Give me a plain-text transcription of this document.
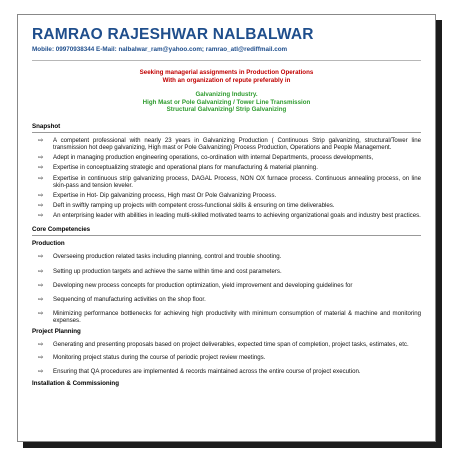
RAMRAO RAJESHWAR NALBALWAR
Mobile: 09970938344 E-Mail: nalbalwar_ram@yahoo.com; ramrao_atl@rediffmail.com
Seeking managerial assignments in Production Operations
With an organization of repute preferably in
Galvanizing Industry.
High Mast or Pole Galvanizing / Tower Line Transmission
Structural Galvanizing/ Strip Galvanizing
Snapshot
⇨ A competent professional with nearly 23 years in Galvanizing Production ( Continuous Strip galvanizing, structural/Tower line transmission hot deep galvanizing, High mast or Pole Galvanizing) Process Production, Operations and People Management.
⇨ Adept in managing production engineering operations, co-ordination with internal Departments, process developments,
⇨ Expertise in conceptualizing strategic and operational plans for manufacturing & material planning.
⇨ Expertise in continuous strip galvanizing process, DAGAL Process, NON OX furnace process. Continuous annealing process, on line skin-pass and tension leveler.
⇨ Expertise in Hot- Dip galvanizing process, High mast Or Pole Galvanizing Process.
⇨ Deft in swiftly ramping up projects with competent cross-functional skills & ensuring on time deliverables.
⇨ An enterprising leader with abilities in leading multi-skilled motivated teams to achieving organizational goals and industry best practices.
Core Competencies
Production
⇨ Overseeing production related tasks including planning, control and trouble shooting.
⇨ Setting up production targets and achieve the same within time and cost parameters.
⇨ Developing new process concepts for production optimization, yield improvement and developing guidelines for
⇨ Sequencing of manufacturing activities on the shop floor.
⇨ Minimizing performance bottlenecks for achieving high productivity with minimum consumption of material & machine and monitoring expenses.
Project Planning
⇨ Generating and presenting proposals based on project deliverables, expected time span of completion, project tasks, estimates, etc.
⇨ Monitoring project status during the course of periodic project review meetings.
⇨ Ensuring that QA procedures are implemented & records maintained across the entire course of project execution.
Installation & Commissioning
